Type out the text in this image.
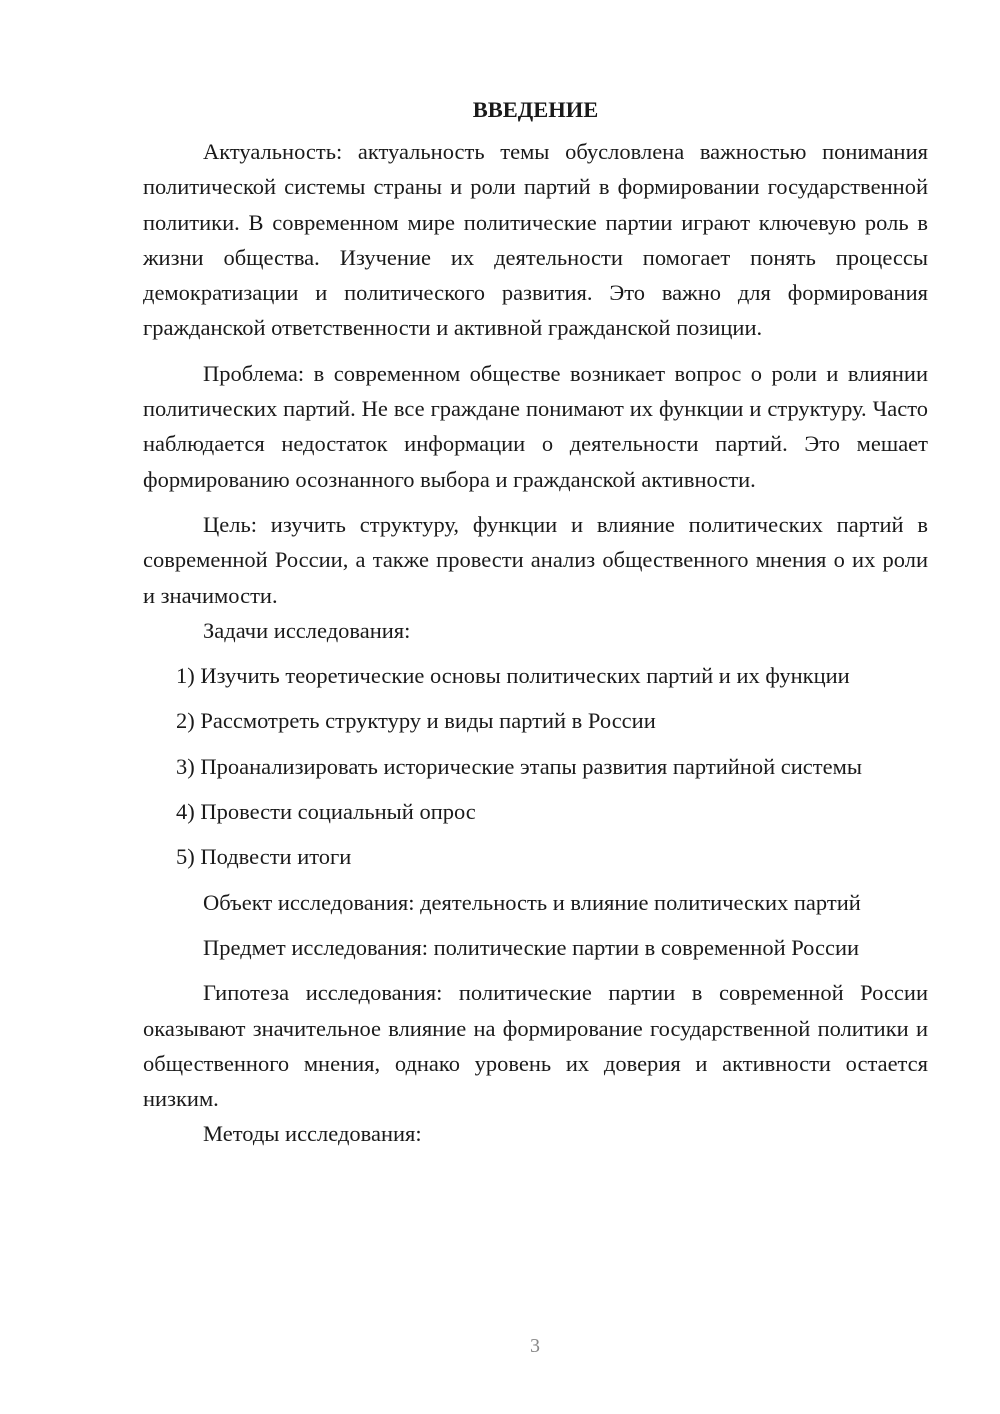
ВВЕДЕНИЕ

Актуальность: актуальность темы обусловлена важностью понимания политической системы страны и роли партий в формировании государственной политики. В современном мире политические партии играют ключевую роль в жизни общества. Изучение их деятельности помогает понять процессы демократизации и политического развития. Это важно для формирования гражданской ответственности и активной гражданской позиции.

Проблема: в современном обществе возникает вопрос о роли и влиянии политических партий. Не все граждане понимают их функции и структуру. Часто наблюдается недостаток информации о деятельности партий. Это мешает формированию осознанного выбора и гражданской активности.

Цель: изучить структуру, функции и влияние политических партий в современной России, а также провести анализ общественного мнения о их роли и значимости.

Задачи исследования:

1) Изучить теоретические основы политических партий и их функции

2) Рассмотреть структуру и виды партий в России

3) Проанализировать исторические этапы развития партийной системы

4) Провести социальный опрос

5) Подвести итоги

Объект исследования: деятельность и влияние политических партий

Предмет исследования: политические партии в современной России

Гипотеза исследования: политические партии в современной России оказывают значительное влияние на формирование государственной политики и общественного мнения, однако уровень их доверия и активности остается низким.

Методы исследования:

3
